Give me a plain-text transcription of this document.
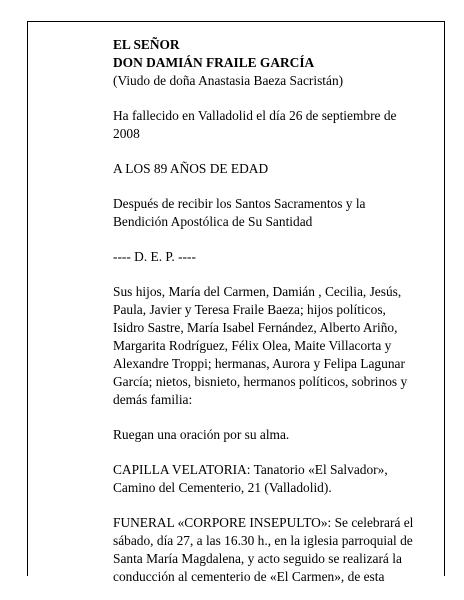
EL SEÑOR

DON DAMIÁN FRAILE GARCÍA

(Viudo de doña Anastasia Baeza Sacristán)

Ha fallecido en Valladolid el día 26 de septiembre de

2008

A LOS 89 AÑOS DE EDAD

Después de recibir los Santos Sacramentos y la

Bendición Apostólica de Su Santidad

---- D. E. P. ----

Sus hijos, María del Carmen, Damián , Cecilia, Jesús,

Paula, Javier y Teresa Fraile Baeza; hijos políticos,

Isidro Sastre, María Isabel Fernández, Alberto Ariño,

Margarita Rodríguez, Félix Olea, Maite Villacorta y

Alexandre Troppi; hermanas, Aurora y Felipa Lagunar

García; nietos, bisnieto, hermanos políticos, sobrinos y

demás familia:

Ruegan una oración por su alma.

CAPILLA VELATORIA: Tanatorio «El Salvador»,

Camino del Cementerio, 21 (Valladolid).

FUNERAL «CORPORE INSEPULTO»: Se celebrará el

sábado, día 27, a las 16.30 h., en la iglesia parroquial de

Santa María Magdalena, y acto seguido se realizará la

conducción al cementerio de «El Carmen», de esta
